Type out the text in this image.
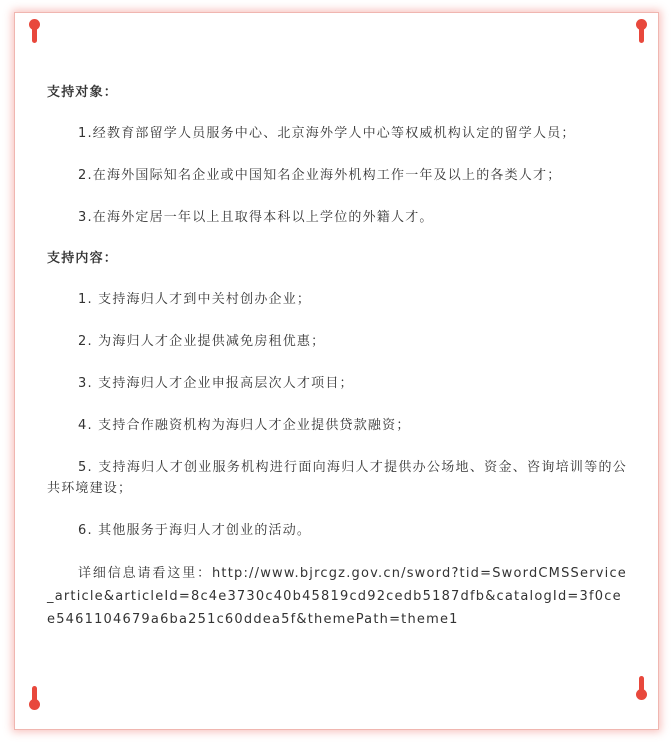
支持对象：

1.经教育部留学人员服务中心、北京海外学人中心等权威机构认定的留学人员；

2.在海外国际知名企业或中国知名企业海外机构工作一年及以上的各类人才；

3.在海外定居一年以上且取得本科以上学位的外籍人才。

支持内容：

1. 支持海归人才到中关村创办企业；

2. 为海归人才企业提供减免房租优惠；

3. 支持海归人才企业申报高层次人才项目；

4. 支持合作融资机构为海归人才企业提供贷款融资；

5. 支持海归人才创业服务机构进行面向海归人才提供办公场地、资金、咨询培训等的公共环境建设；

6. 其他服务于海归人才创业的活动。

详细信息请看这里：http://www.bjrcgz.gov.cn/sword?tid=SwordCMSService_article&articleId=8c4e3730c40b45819cd92cedb5187dfb&catalogId=3f0cee5461104679a6ba251c60ddea5f&themePath=theme1
